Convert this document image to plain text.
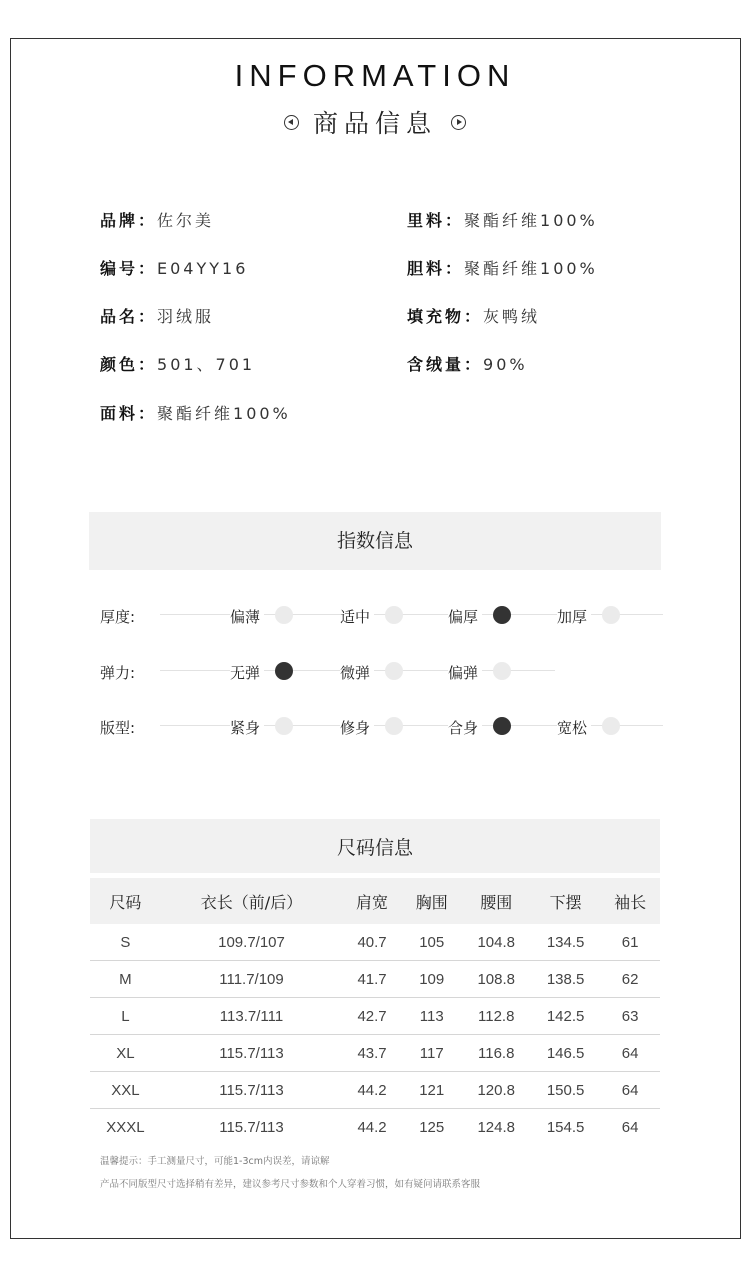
INFORMATION
商品信息
品牌：佐尔美
编号：E04YY16
品名：羽绒服
颜色：501、701
面料：聚酯纤维100%
里料：聚酯纤维100%
胆料：聚酯纤维100%
填充物：灰鸭绒
含绒量：90%
指数信息
厚度:	偏薄	适中	偏厚	加厚
弹力:	无弹	微弹	偏弹
版型:	紧身	修身	合身	宽松
尺码信息
尺码	衣长（前/后）	肩宽	胸围	腰围	下摆	袖长
S	109.7/107	40.7	105	104.8	134.5	61
M	111.7/109	41.7	109	108.8	138.5	62
L	113.7/111	42.7	113	112.8	142.5	63
XL	115.7/113	43.7	117	116.8	146.5	64
XXL	115.7/113	44.2	121	120.8	150.5	64
XXXL	115.7/113	44.2	125	124.8	154.5	64
温馨提示：手工测量尺寸，可能1-3cm内误差，请谅解
产品不同版型尺寸选择稍有差异，建议参考尺寸参数和个人穿着习惯，如有疑问请联系客服
